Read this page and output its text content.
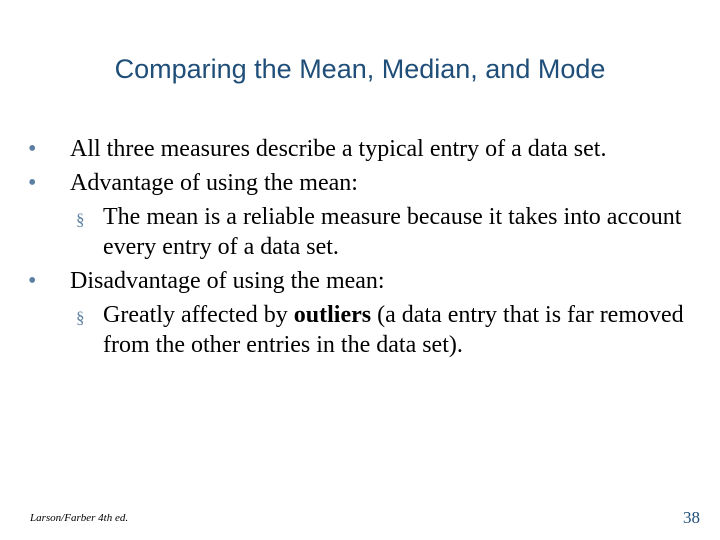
Comparing the Mean, Median, and Mode
• All three measures describe a typical entry of a data set.
• Advantage of using the mean:
§ The mean is a reliable measure because it takes into account every entry of a data set.
• Disadvantage of using the mean:
§ Greatly affected by outliers (a data entry that is far removed from the other entries in the data set).
Larson/Farber 4th ed.	38
